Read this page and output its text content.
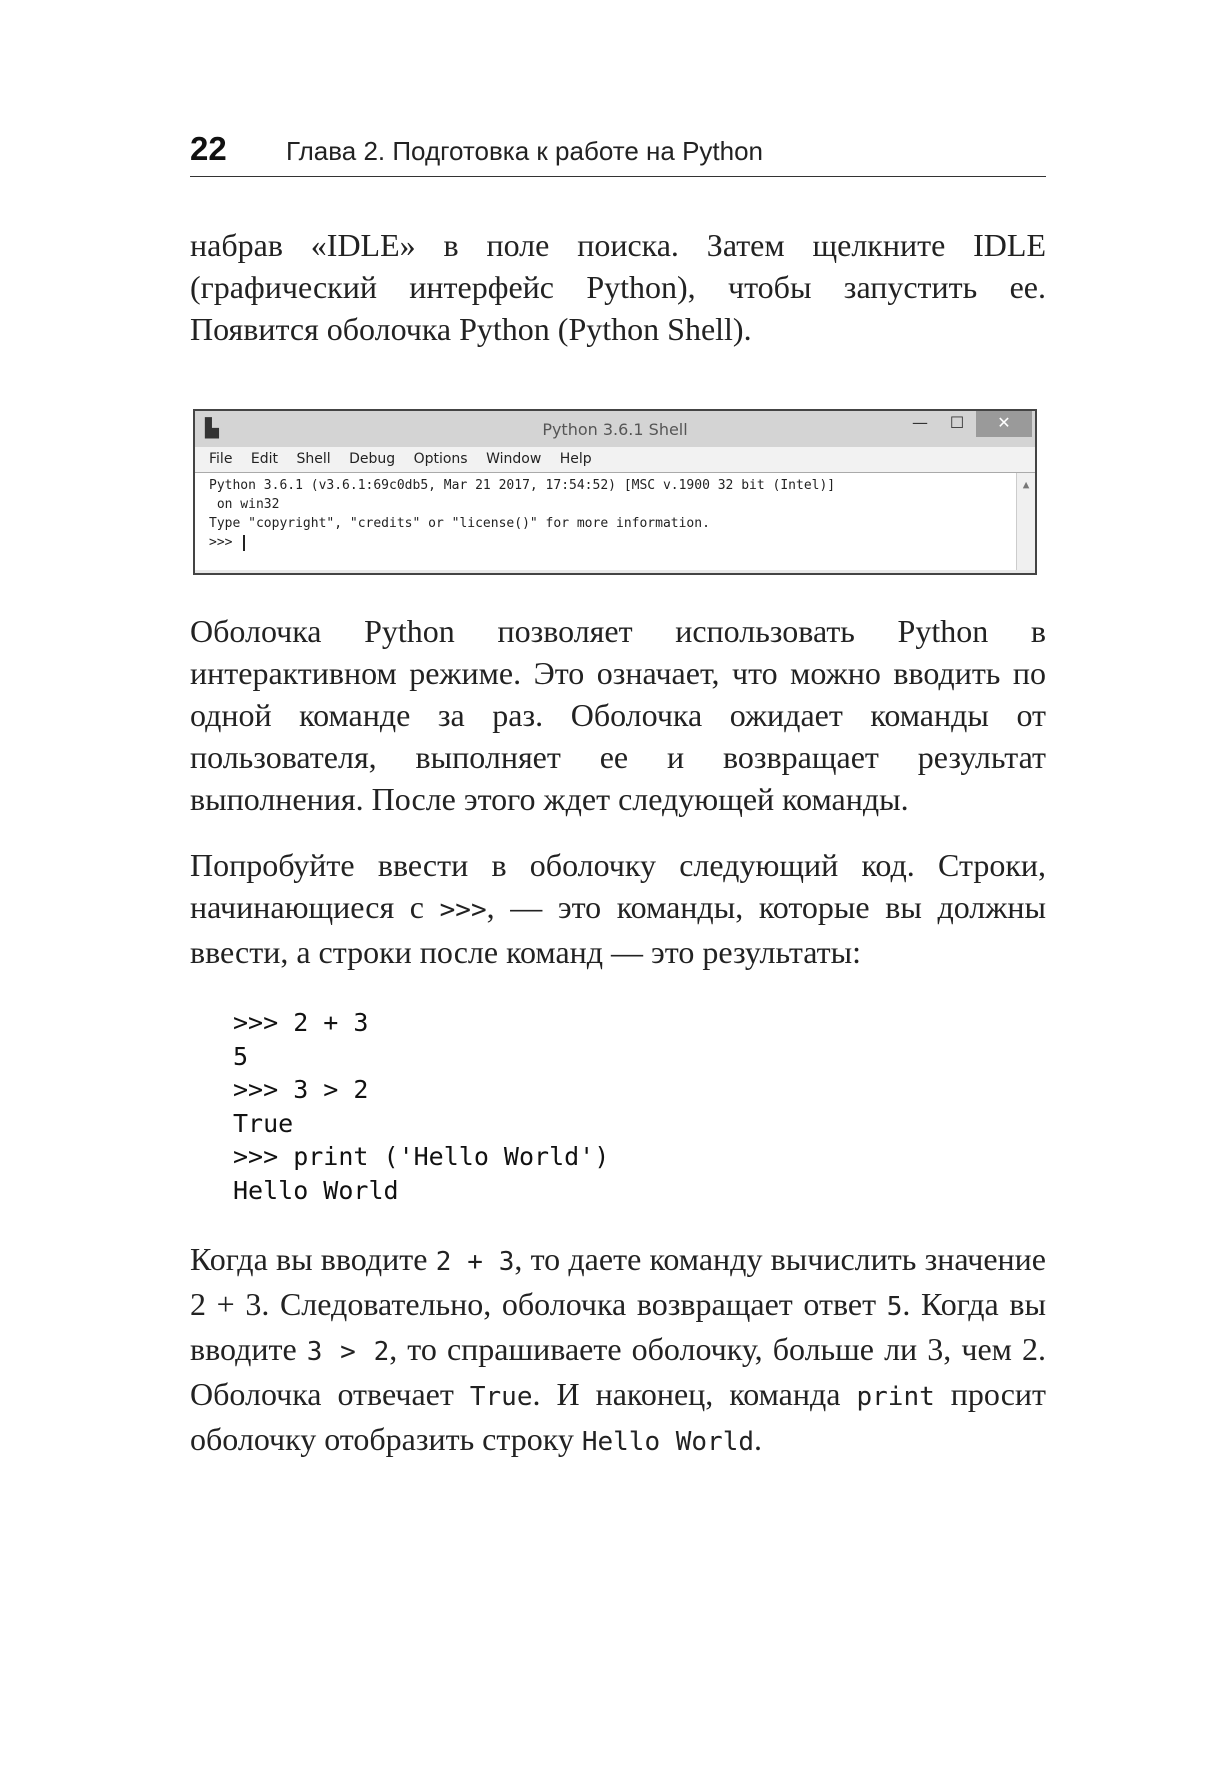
22 Глава 2. Подготовка к работе на Python

набрав «IDLE» в поле поиска. Затем щелкните IDLE (графический интерфейс Python), чтобы запустить ее. Появится оболочка Python (Python Shell).

▙	Python 3.6.1 Shell	—	☐	✕
File Edit Shell Debug Options Window Help
Python 3.6.1 (v3.6.1:69c0db5, Mar 21 2017, 17:54:52) [MSC v.1900 32 bit (Intel)]
on win32
Type "copyright", "credits" or "license()" for more information.
>>>
▲

Оболочка Python позволяет использовать Python в интерактивном режиме. Это означает, что можно вводить по одной команде за раз. Оболочка ожидает команды от пользователя, выполняет ее и возвращает результат выполнения. После этого ждет следующей команды.

Попробуйте ввести в оболочку следующий код. Строки, начинающиеся с >>>, — это команды, которые вы должны ввести, а строки после команд — это результаты:

>>> 2 + 3
5
>>> 3 > 2
True
>>> print ('Hello World')
Hello World

Когда вы вводите 2 + 3, то даете команду вычислить значение 2 + 3. Следовательно, оболочка возвращает ответ 5. Когда вы вводите 3 > 2, то спрашиваете оболочку, больше ли 3, чем 2. Оболочка отвечает True. И наконец, команда print просит оболочку отобразить строку Hello World.
